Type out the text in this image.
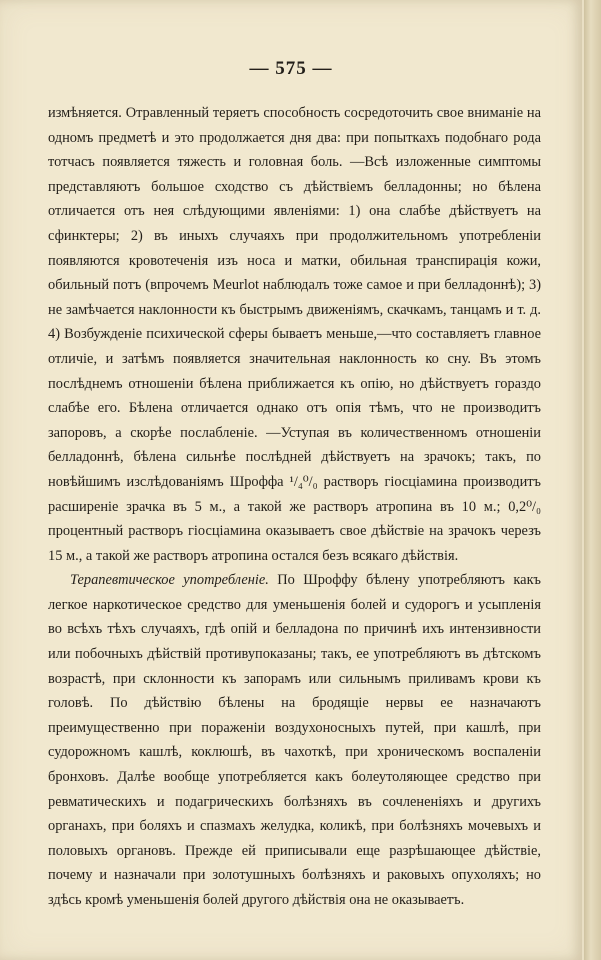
— 575 —

измѣняется. Отравленный теряетъ способность сосредоточить свое вниманіе на одномъ предметѣ и это продолжается дня два: при попыткахъ подобнаго рода тотчасъ появляется тяжесть и головная боль. —Всѣ изложенные симптомы представляютъ большое сходство съ дѣйствіемъ белладонны; но бѣлена отличается отъ нея слѣдующими явленіями: 1) она слабѣе дѣйствуетъ на сфинктеры; 2) въ иныхъ случаяхъ при продолжительномъ употребленіи появляются кровотеченія изъ носа и матки, обильная транспирація кожи, обильный потъ (впрочемъ Meurlot наблюдалъ тоже самое и при белладоннѣ); 3) не замѣчается наклонности къ быстрымъ движеніямъ, скачкамъ, танцамъ и т. д. 4) Возбужденіе психической сферы бываетъ меньше,—что составляетъ главное отличіе, и затѣмъ появляется значительная наклонность ко сну. Въ этомъ послѣднемъ отношеніи бѣлена приближается къ опію, но дѣйствуетъ гораздо слабѣе его. Бѣлена отличается однако отъ опія тѣмъ, что не производитъ запоровъ, а скорѣе послабленіе. —Уступая въ количественномъ отношеніи белладоннѣ, бѣлена сильнѣе послѣдней дѣйствуетъ на зрачокъ; такъ, по новѣйшимъ изслѣдованіямъ Шроффа ¹/₄⁰/₀ растворъ гіосціамина производитъ расширеніе зрачка въ 5 м., а такой же растворъ атропина въ 10 м.; 0,2⁰/₀ процентный растворъ гіосціамина оказываетъ свое дѣйствіе на зрачокъ черезъ 15 м., а такой же растворъ атропина остался безъ всякаго дѣйствія.

Терапевтическое употребленіе. По Шроффу бѣлену употребляютъ какъ легкое наркотическое средство для уменьшенія болей и судорогъ и усыпленія во всѣхъ тѣхъ случаяхъ, гдѣ опій и белладона по причинѣ ихъ интензивности или побочныхъ дѣйствій противупоказаны; такъ, ее употребляютъ въ дѣтскомъ возрастѣ, при склонности къ запорамъ или сильнымъ приливамъ крови къ головѣ. По дѣйствію бѣлены на бродящіе нервы ее назначаютъ преимущественно при пораженіи воздухоносныхъ путей, при кашлѣ, при судорожномъ кашлѣ, коклюшѣ, въ чахоткѣ, при хроническомъ воспаленіи бронховъ. Далѣе вообще употребляется какъ болеутоляющее средство при ревматическихъ и подагрическихъ болѣзняхъ въ сочлененіяхъ и другихъ органахъ, при боляхъ и спазмахъ желудка, коликѣ, при болѣзняхъ мочевыхъ и половыхъ органовъ. Прежде ей приписывали еще разрѣшающее дѣйствіе, почему и назначали при золотушныхъ болѣзняхъ и раковыхъ опухоляхъ; но здѣсь кромѣ уменьшенія болей другого дѣйствія она не оказываетъ.
